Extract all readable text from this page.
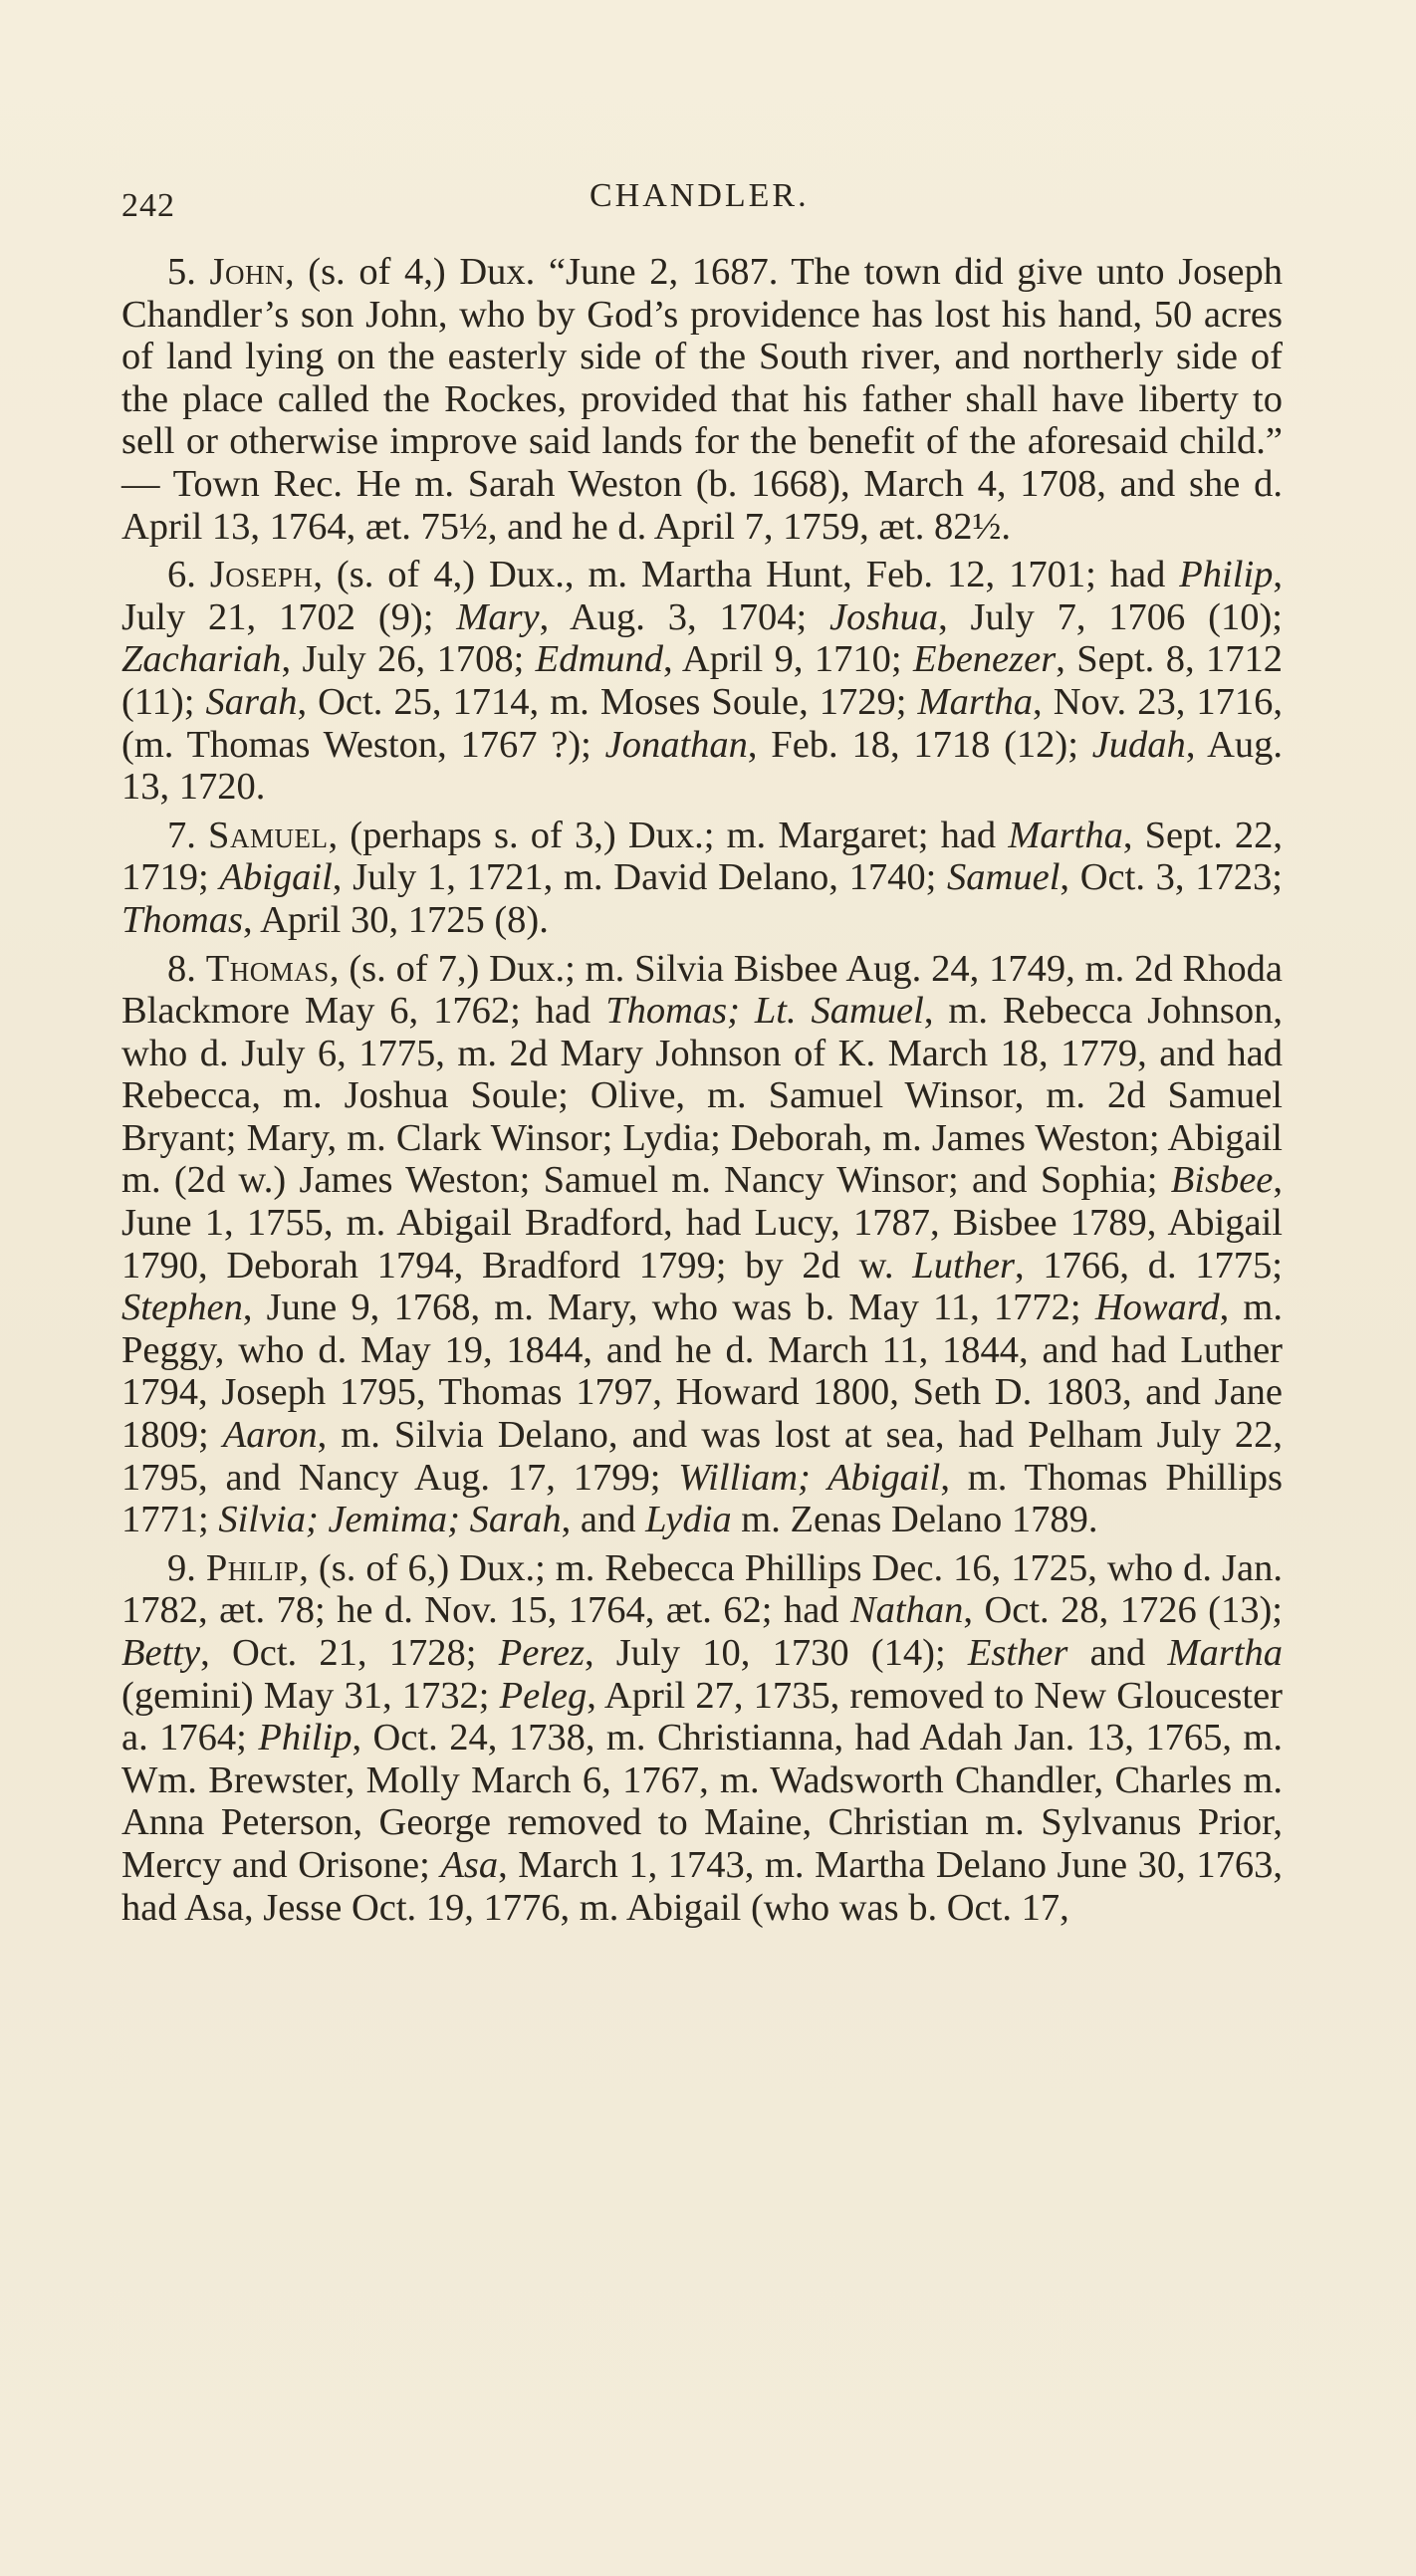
242	CHANDLER.

5. John, (s. of 4,) Dux. “June 2, 1687. The town did give unto Joseph Chandler’s son John, who by God’s providence has lost his hand, 50 acres of land lying on the easterly side of the South river, and northerly side of the place called the Rockes, provided that his father shall have liberty to sell or otherwise improve said lands for the benefit of the aforesaid child.” — Town Rec. He m. Sarah Weston (b. 1668), March 4, 1708, and she d. April 13, 1764, æt. 75½, and he d. April 7, 1759, æt. 82½.

6. Joseph, (s. of 4,) Dux., m. Martha Hunt, Feb. 12, 1701; had Philip, July 21, 1702 (9); Mary, Aug. 3, 1704; Joshua, July 7, 1706 (10); Zachariah, July 26, 1708; Edmund, April 9, 1710; Ebenezer, Sept. 8, 1712 (11); Sarah, Oct. 25, 1714, m. Moses Soule, 1729; Martha, Nov. 23, 1716, (m. Thomas Weston, 1767 ?); Jonathan, Feb. 18, 1718 (12); Judah, Aug. 13, 1720.

7. Samuel, (perhaps s. of 3,) Dux.; m. Margaret; had Martha, Sept. 22, 1719; Abigail, July 1, 1721, m. David Delano, 1740; Samuel, Oct. 3, 1723; Thomas, April 30, 1725 (8).

8. Thomas, (s. of 7,) Dux.; m. Silvia Bisbee Aug. 24, 1749, m. 2d Rhoda Blackmore May 6, 1762; had Thomas; Lt. Samuel, m. Rebecca Johnson, who d. July 6, 1775, m. 2d Mary Johnson of K. March 18, 1779, and had Rebecca, m. Joshua Soule; Olive, m. Samuel Winsor, m. 2d Samuel Bryant; Mary, m. Clark Winsor; Lydia; Deborah, m. James Weston; Abigail m. (2d w.) James Weston; Samuel m. Nancy Winsor; and Sophia; Bisbee, June 1, 1755, m. Abigail Bradford, had Lucy, 1787, Bisbee 1789, Abigail 1790, Deborah 1794, Bradford 1799; by 2d w. Luther, 1766, d. 1775; Stephen, June 9, 1768, m. Mary, who was b. May 11, 1772; Howard, m. Peggy, who d. May 19, 1844, and he d. March 11, 1844, and had Luther 1794, Joseph 1795, Thomas 1797, Howard 1800, Seth D. 1803, and Jane 1809; Aaron, m. Silvia Delano, and was lost at sea, had Pelham July 22, 1795, and Nancy Aug. 17, 1799; William; Abigail, m. Thomas Phillips 1771; Silvia; Jemima; Sarah, and Lydia m. Zenas Delano 1789.

9. Philip, (s. of 6,) Dux.; m. Rebecca Phillips Dec. 16, 1725, who d. Jan. 1782, æt. 78; he d. Nov. 15, 1764, æt. 62; had Nathan, Oct. 28, 1726 (13); Betty, Oct. 21, 1728; Perez, July 10, 1730 (14); Esther and Martha (gemini) May 31, 1732; Peleg, April 27, 1735, removed to New Gloucester a. 1764; Philip, Oct. 24, 1738, m. Christianna, had Adah Jan. 13, 1765, m. Wm. Brewster, Molly March 6, 1767, m. Wadsworth Chandler, Charles m. Anna Peterson, George removed to Maine, Christian m. Sylvanus Prior, Mercy and Orisone; Asa, March 1, 1743, m. Martha Delano June 30, 1763, had Asa, Jesse Oct. 19, 1776, m. Abigail (who was b. Oct. 17,
